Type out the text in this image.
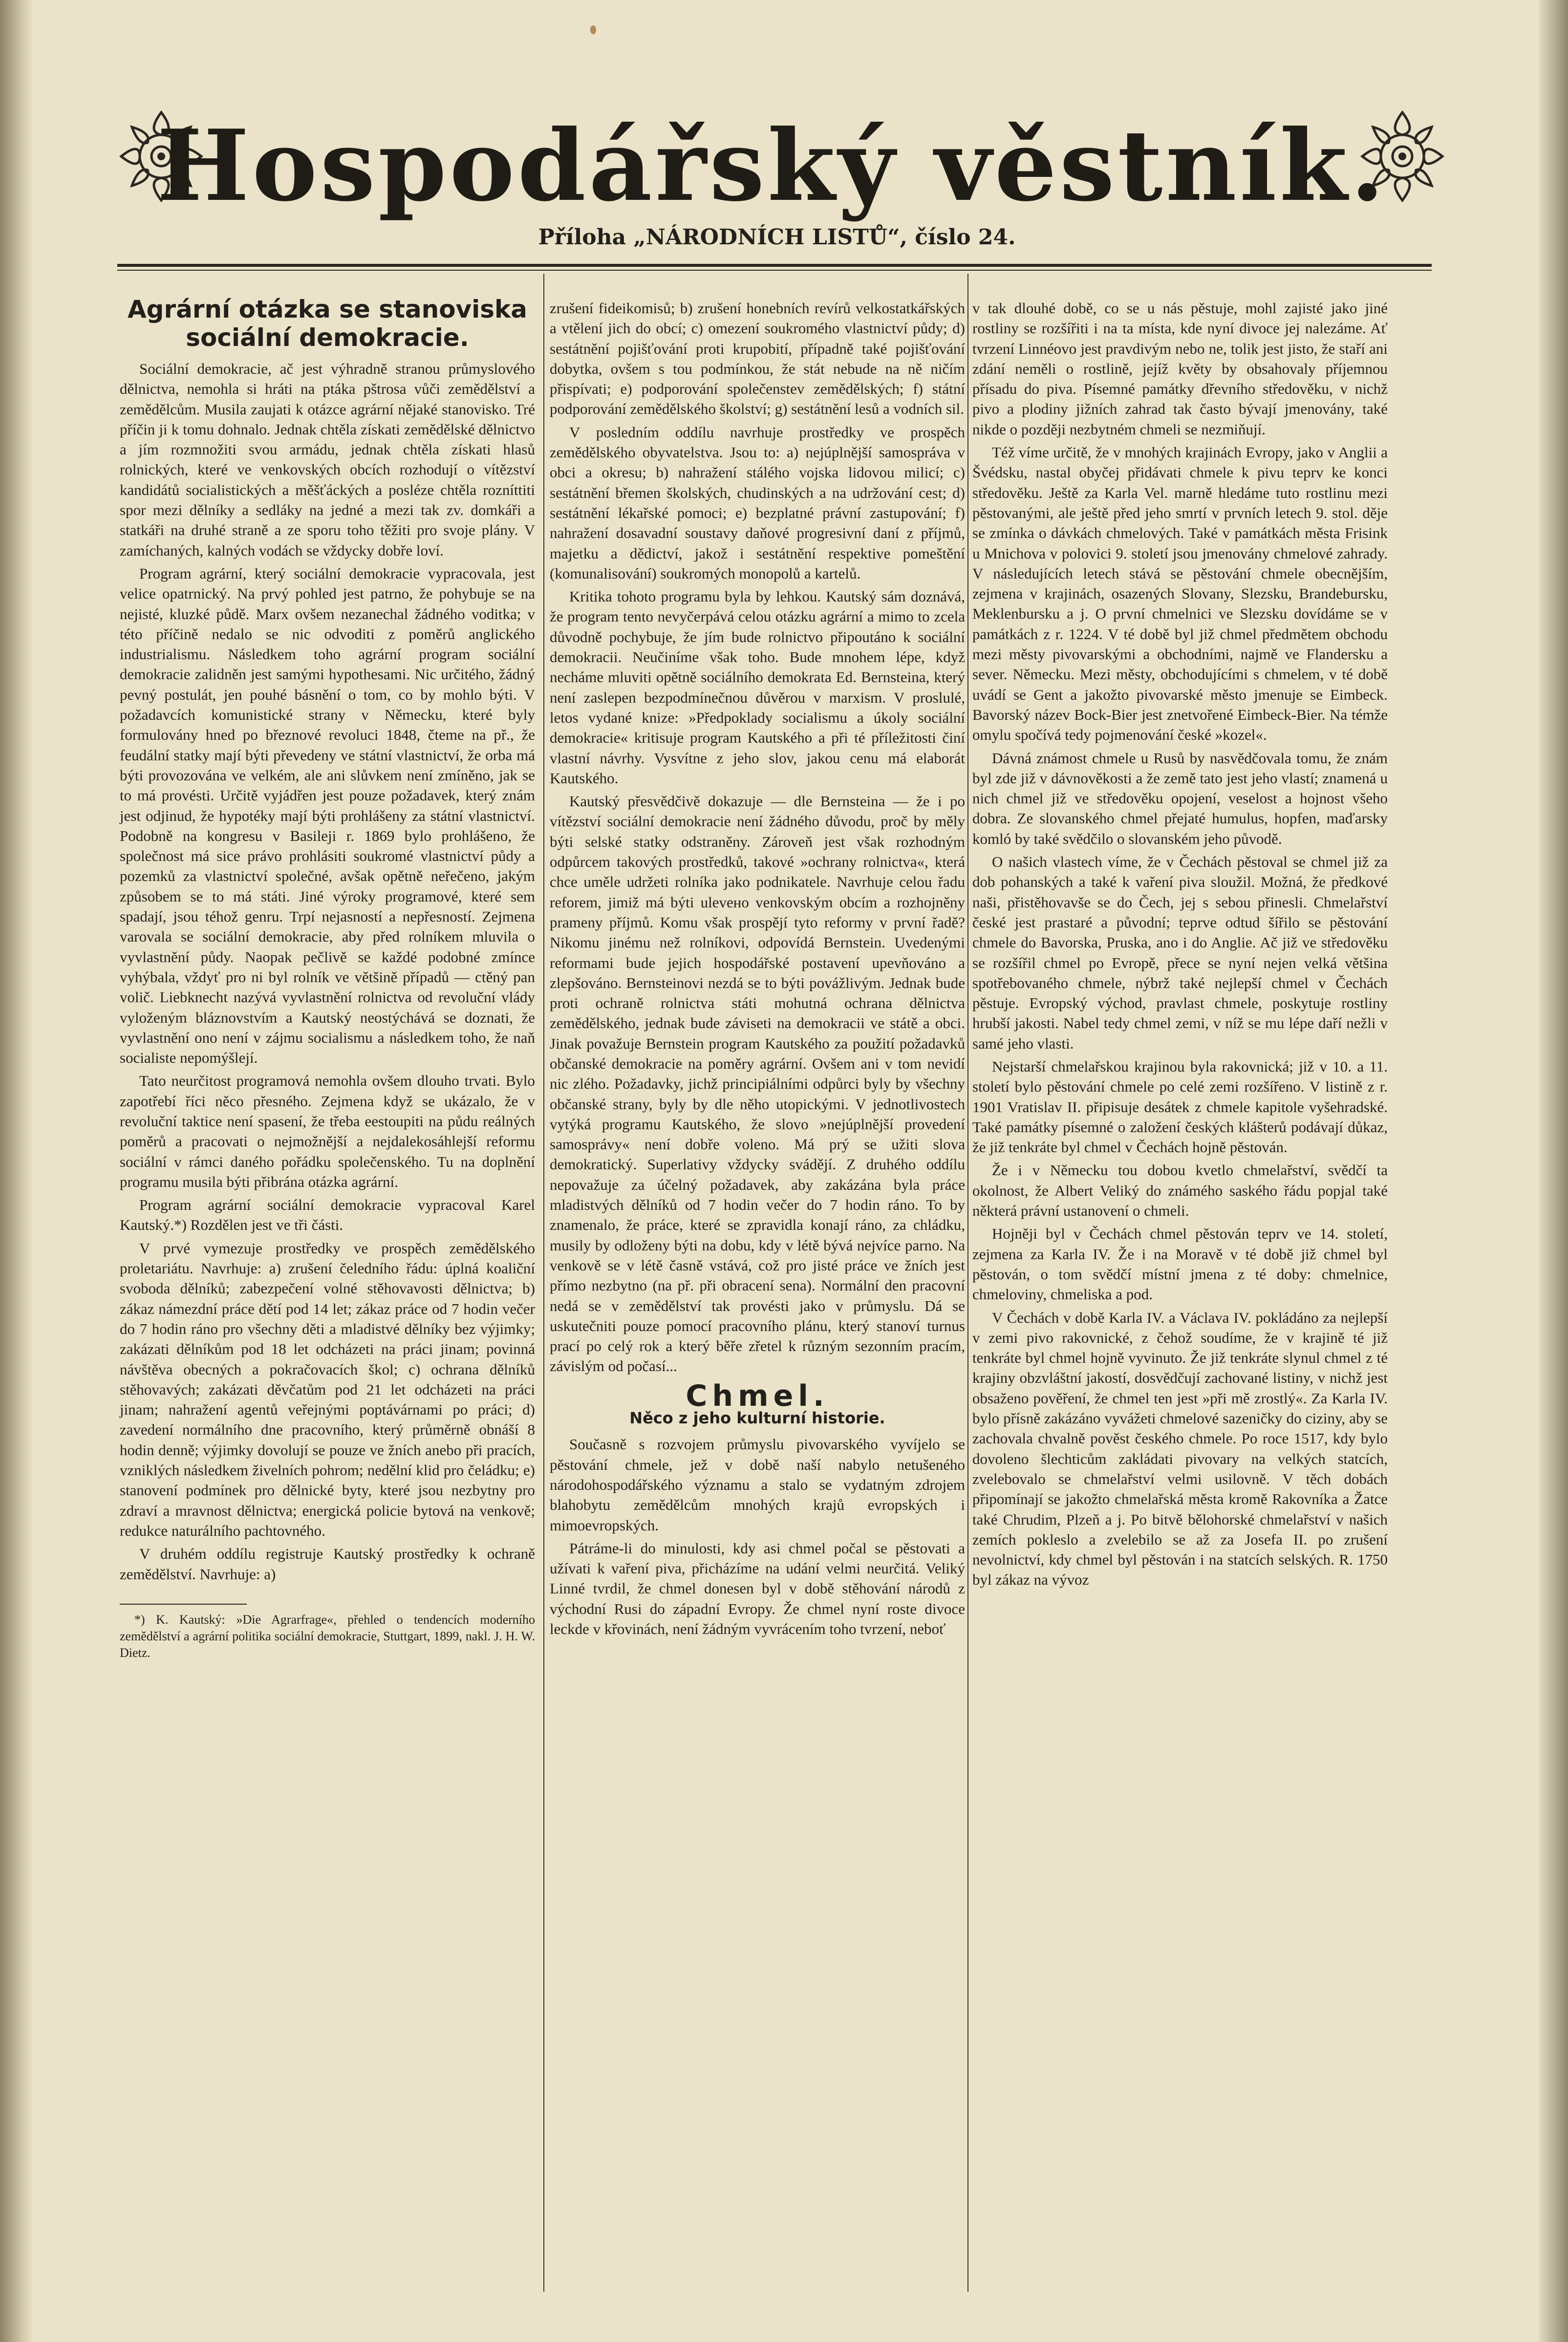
Hospodářský věstník.
Příloha „NÁRODNÍCH LISTŮ“, číslo 24.
Agrární otázka se stanoviska sociální demokracie.

Sociální demokracie, ač jest výhradně stranou průmyslového dělnictva, nemohla si hráti na ptáka pštrosa vůči zemědělství a zemědělcům. Musila zaujati k otázce agrární nějaké stanovisko. Tré příčin ji k tomu dohnalo. Jednak chtěla získati zemědělské dělnictvo a jím rozmnožiti svou armádu, jednak chtěla získati hlasů rolnických, které ve venkovských obcích rozhodují o vítězství kandidátů socialistických a měšťáckých a posléze chtěla rozníttiti spor mezi dělníky a sedláky na jedné a mezi tak zv. domkáři a statkáři na druhé straně a ze sporu toho těžiti pro svoje plány. V zamíchaných, kalných vodách se vždycky dobře loví.

Program agrární, který sociální demokracie vypracovala, jest velice opatrnický. Na prvý pohled jest patrno, že pohybuje se na nejisté, kluzké půdě. Marx ovšem nezanechal žádného voditka; v této příčině nedalo se nic odvoditi z poměrů anglického industrialismu. Následkem toho agrární program sociální demokracie zalidněn jest samými hypothesami. Nic určitého, žádný pevný postulát, jen pouhé básnění o tom, co by mohlo býti. V požadavcích komunistické strany v Německu, které byly formulovány hned po březnové revoluci 1848, čteme na př., že feudální statky mají býti převedeny ve státní vlastnictví, že orba má býti provozována ve velkém, ale ani slůvkem není zmíněno, jak se to má provésti. Určitě vyjádřen jest pouze požadavek, který znám jest odjinud, že hypotéky mají býti prohlášeny za státní vlastnictví. Podobně na kongresu v Basileji r. 1869 bylo prohlášeno, že společnost má sice právo prohlásiti soukromé vlastnictví půdy a pozemků za vlastnictví společné, avšak opětně neřečeno, jakým způsobem se to má státi. Jiné výroky programové, které sem spadají, jsou téhož genru. Trpí nejasností a nepřesností. Zejmena varovala se sociální demokracie, aby před rolníkem mluvila o vyvlastnění půdy. Naopak pečlivě se každé podobné zmínce vyhýbala, vždyť pro ni byl rolník ve většině případů — ctěný pan volič. Liebknecht nazývá vyvlastnění rolnictva od revoluční vlády vyloženým bláznovstvím a Kautský neostýchává se doznati, že vyvlastnění ono není v zájmu socialismu a následkem toho, že naň socialiste nepomýšlejí.

Tato neurčitost programová nemohla ovšem dlouho trvati. Bylo zapotřebí říci něco přesného. Zejmena když se ukázalo, že v revoluční taktice není spasení, že třeba eestoupiti na půdu reálných poměrů a pracovati o nejmožnější a nejdalekosáhlejší reformu sociální v rámci daného pořádku společenského. Tu na doplnění programu musila býti přibrána otázka agrární.

Program agrární sociální demokracie vypracoval Karel Kautský.*) Rozdělen jest ve tři části.

V prvé vymezuje prostředky ve prospěch zemědělského proletariátu. Navrhuje: a) zrušení čeledního řádu: úplná koaliční svoboda dělníků; zabezpečení volné stěhovavosti dělnictva; b) zákaz námezdní práce dětí pod 14 let; zákaz práce od 7 hodin večer do 7 hodin ráno pro všechny děti a mladistvé dělníky bez výjimky; zakázati dělníkům pod 18 let odcházeti na práci jinam; povinná návštěva obecných a pokračovacích škol; c) ochrana dělníků stěhovavých; zakázati děvčatům pod 21 let odcházeti na práci jinam; nahražení agentů veřejnými poptávárnami po práci; d) zavedení normálního dne pracovního, který průměrně obnáší 8 hodin denně; výjimky dovolují se pouze ve žních anebo při pracích, vzniklých následkem živelních pohrom; nedělní klid pro čeládku; e) stanovení podmínek pro dělnické byty, které jsou nezbytny pro zdraví a mravnost dělnictva; energická policie bytová na venkově; redukce naturálního pachtovného.

V druhém oddílu registruje Kautský prostředky k ochraně zemědělství. Navrhuje: a)

*) K. Kautský: »Die Agrarfrage«, přehled o tendencích moderního zemědělství a agrární politika sociální demokracie, Stuttgart, 1899, nakl. J. H. W. Dietz.

zrušení fideikomisů; b) zrušení honebních revírů velkostatkářských a vtělení jich do obcí; c) omezení soukromého vlastnictví půdy; d) sestátnění pojišťování proti krupobití, případně také pojišťování dobytka, ovšem s tou podmínkou, že stát nebude na ně ničím přispívati; e) podporování společenstev zemědělských; f) státní podporování zemědělského školství; g) sestátnění lesů a vodních sil.

V posledním oddílu navrhuje prostředky ve prospěch zemědělského obyvatelstva. Jsou to: a) nejúplnější samospráva v obci a okresu; b) nahražení stálého vojska lidovou milicí; c) sestátnění břemen školských, chudinských a na udržování cest; d) sestátnění lékařské pomoci; e) bezplatné právní zastupování; f) nahražení dosavadní soustavy daňové progresivní daní z příjmů, majetku a dědictví, jakož i sestátnění respektive pomeštění (komunalisování) soukromých monopolů a kartelů.

Kritika tohoto programu byla by lehkou. Kautský sám doznává, že program tento nevyčerpává celou otázku agrární a mimo to zcela důvodně pochybuje, že jím bude rolnictvo připoutáno k sociální demokracii. Neučiníme však toho. Bude mnohem lépe, když necháme mluviti opětně sociálního demokrata Ed. Bernsteina, který není zaslepen bezpodmínečnou důvěrou v marxism. V proslulé, letos vydané knize: »Předpoklady socialismu a úkoly sociální demokracie« kritisuje program Kautského a při té příležitosti činí vlastní návrhy. Vysvítne z jeho slov, jakou cenu má elaborát Kautského.

Kautský přesvědčivě dokazuje — dle Bernsteina — že i po vítězství sociální demokracie není žádného důvodu, proč by měly býti selské statky odstraněny. Zároveň jest však rozhodným odpůrcem takových prostředků, takové »ochrany rolnictva«, která chce uměle udržeti rolníka jako podnikatele. Navrhuje celou řadu reforem, jimiž má býti ulevено venkovským obcím a rozhojněny prameny příjmů. Komu však prospějí tyto reformy v první řadě? Nikomu jinému než rolníkovi, odpovídá Bernstein. Uvedenými reformami bude jejich hospodářské postavení upevňováno a zlepšováno. Bernsteinovi nezdá se to býti povážlivým. Jednak bude proti ochraně rolnictva státi mohutná ochrana dělnictva zemědělského, jednak bude záviseti na demokracii ve státě a obci. Jinak považuje Bernstein program Kautského za použití požadavků občanské demokracie na poměry agrární. Ovšem ani v tom nevidí nic zlého. Požadavky, jichž principiálními odpůrci byly by všechny občanské strany, byly by dle něho utopickými. V jednotlivostech vytýká programu Kautského, že slovo »nejúplnější provedení samosprávy« není dobře voleno. Má prý se užiti slova demokratický. Superlativy vždycky svádějí. Z druhého oddílu nepovažuje za účelný požadavek, aby zakázána byla práce mladistvých dělníků od 7 hodin večer do 7 hodin ráno. To by znamenalo, že práce, které se zpravidla konají ráno, za chládku, musily by odloženy býti na dobu, kdy v létě bývá nejvíce parno. Na venkově se v létě časně vstává, což pro jisté práce ve žních jest přímo nezbytno (na př. při obracení sena). Normální den pracovní nedá se v zemědělství tak provésti jako v průmyslu. Dá se uskutečniti pouze pomocí pracovního plánu, který stanoví turnus prací po celý rok a který běře zřetel k různým sezonním pracím, závislým od počasí...

Chmel.
Něco z jeho kulturní historie.

Současně s rozvojem průmyslu pivovarského vyvíjelo se pěstování chmele, jež v době naší nabylo netušeného národohospodářského významu a stalo se vydatným zdrojem blahobytu zemědělcům mnohých krajů evropských i mimoevropských.

Pátráme-li do minulosti, kdy asi chmel počal se pěstovati a užívati k vaření piva, přicházíme na udání velmi neurčitá. Veliký Linné tvrdil, že chmel donesen byl v době stěhování národů z východní Rusi do západní Evropy. Že chmel nyní roste divoce leckde v křovinách, není žádným vyvrácením toho tvrzení, neboť

v tak dlouhé době, co se u nás pěstuje, mohl zajisté jako jiné rostliny se rozšířiti i na ta místa, kde nyní divoce jej nalezáme. Ať tvrzení Linnéovo jest pravdivým nebo ne, tolik jest jisto, že staří ani zdání neměli o rostlině, jejíž květy by obsahovaly příjemnou přísadu do piva. Písemné památky dřevního středověku, v nichž pivo a plodiny jižních zahrad tak často bývají jmenovány, také nikde o později nezbytném chmeli se nezmiňují.

Též víme určitě, že v mnohých krajinách Evropy, jako v Anglii a Švédsku, nastal obyčej přidávati chmele k pivu teprv ke konci středověku. Ještě za Karla Vel. marně hledáme tuto rostlinu mezi pěstovanými, ale ještě před jeho smrtí v prvních letech 9. stol. děje se zmínka o dávkách chmelových. Také v památkách města Frisink u Mnichova v polovici 9. století jsou jmenovány chmelové zahrady. V následujících letech stává se pěstování chmele obecnějším, zejmena v krajinách, osazených Slovany, Slezsku, Brandebursku, Meklenbursku a j. O první chmelnici ve Slezsku dovídáme se v památkách z r. 1224. V té době byl již chmel předmětem obchodu mezi městy pivovarskými a obchodními, najmě ve Flandersku a sever. Německu. Mezi městy, obchodujícími s chmelem, v té době uvádí se Gent a jakožto pivovarské město jmenuje se Eimbeck. Bavorský název Bock-Bier jest znetvořené Eimbeck-Bier. Na témže omylu spočívá tedy pojmenování české »kozel«.

Dávná známost chmele u Rusů by nasvědčovala tomu, že znám byl zde již v dávnověkosti a že země tato jest jeho vlastí; znamená u nich chmel již ve středověku opojení, veselost a hojnost všeho dobra. Ze slovanského chmel přejaté humulus, hopfen, maďarsky komló by také svědčilo o slovanském jeho původě.

O našich vlastech víme, že v Čechách pěstoval se chmel již za dob pohanských a také k vaření piva sloužil. Možná, že předkové naši, přistěhovavše se do Čech, jej s sebou přinesli. Chmelařství české jest prastaré a původní; teprve odtud šířilo se pěstování chmele do Bavorska, Pruska, ano i do Anglie. Ač již ve středověku se rozšířil chmel po Evropě, přece se nyní nejen velká většina spotřebovaného chmele, nýbrž také nejlepší chmel v Čechách pěstuje. Evropský východ, pravlast chmele, poskytuje rostliny hrubší jakosti. Nabel tedy chmel zemi, v níž se mu lépe daří nežli v samé jeho vlasti.

Nejstarší chmelařskou krajinou byla rakovnická; již v 10. a 11. století bylo pěstování chmele po celé zemi rozšířeno. V listině z r. 1901 Vratislav II. připisuje desátek z chmele kapitole vyšehradské. Také památky písemné o založení českých klášterů podávají důkaz, že již tenkráte byl chmel v Čechách hojně pěstován.

Že i v Německu tou dobou kvetlo chmelařství, svědčí ta okolnost, že Albert Veliký do známého saského řádu popjal také některá právní ustanovení o chmeli.

Hojněji byl v Čechách chmel pěstován teprv ve 14. století, zejmena za Karla IV. Že i na Moravě v té době již chmel byl pěstován, o tom svědčí místní jmena z té doby: chmelnice, chmeloviny, chmeliska a pod.

V Čechách v době Karla IV. a Václava IV. pokládáno za nejlepší v zemi pivo rakovnické, z čehož soudíme, že v krajině té již tenkráte byl chmel hojně vyvinuto. Že již tenkráte slynul chmel z té krajiny obzvláštní jakostí, dosvědčují zachované listiny, v nichž jest obsaženo pověření, že chmel ten jest »při mě zrostlý«. Za Karla IV. bylo přísně zakázáno vyvážeti chmelové sazeničky do ciziny, aby se zachovala chvalně pověst českého chmele. Po roce 1517, kdy bylo dovoleno šlechticům zakládati pivovary na velkých statcích, zvelebovalo se chmelařství velmi usilovně. V těch dobách připomínají se jakožto chmelařská města kromě Rakovníka a Žatce také Chrudim, Plzeň a j. Po bitvě bělohorské chmelařství v našich zemích pokleslo a zvelebilo se až za Josefa II. po zrušení nevolnictví, kdy chmel byl pěstován i na statcích selských. R. 1750 byl zákaz na vývoz
